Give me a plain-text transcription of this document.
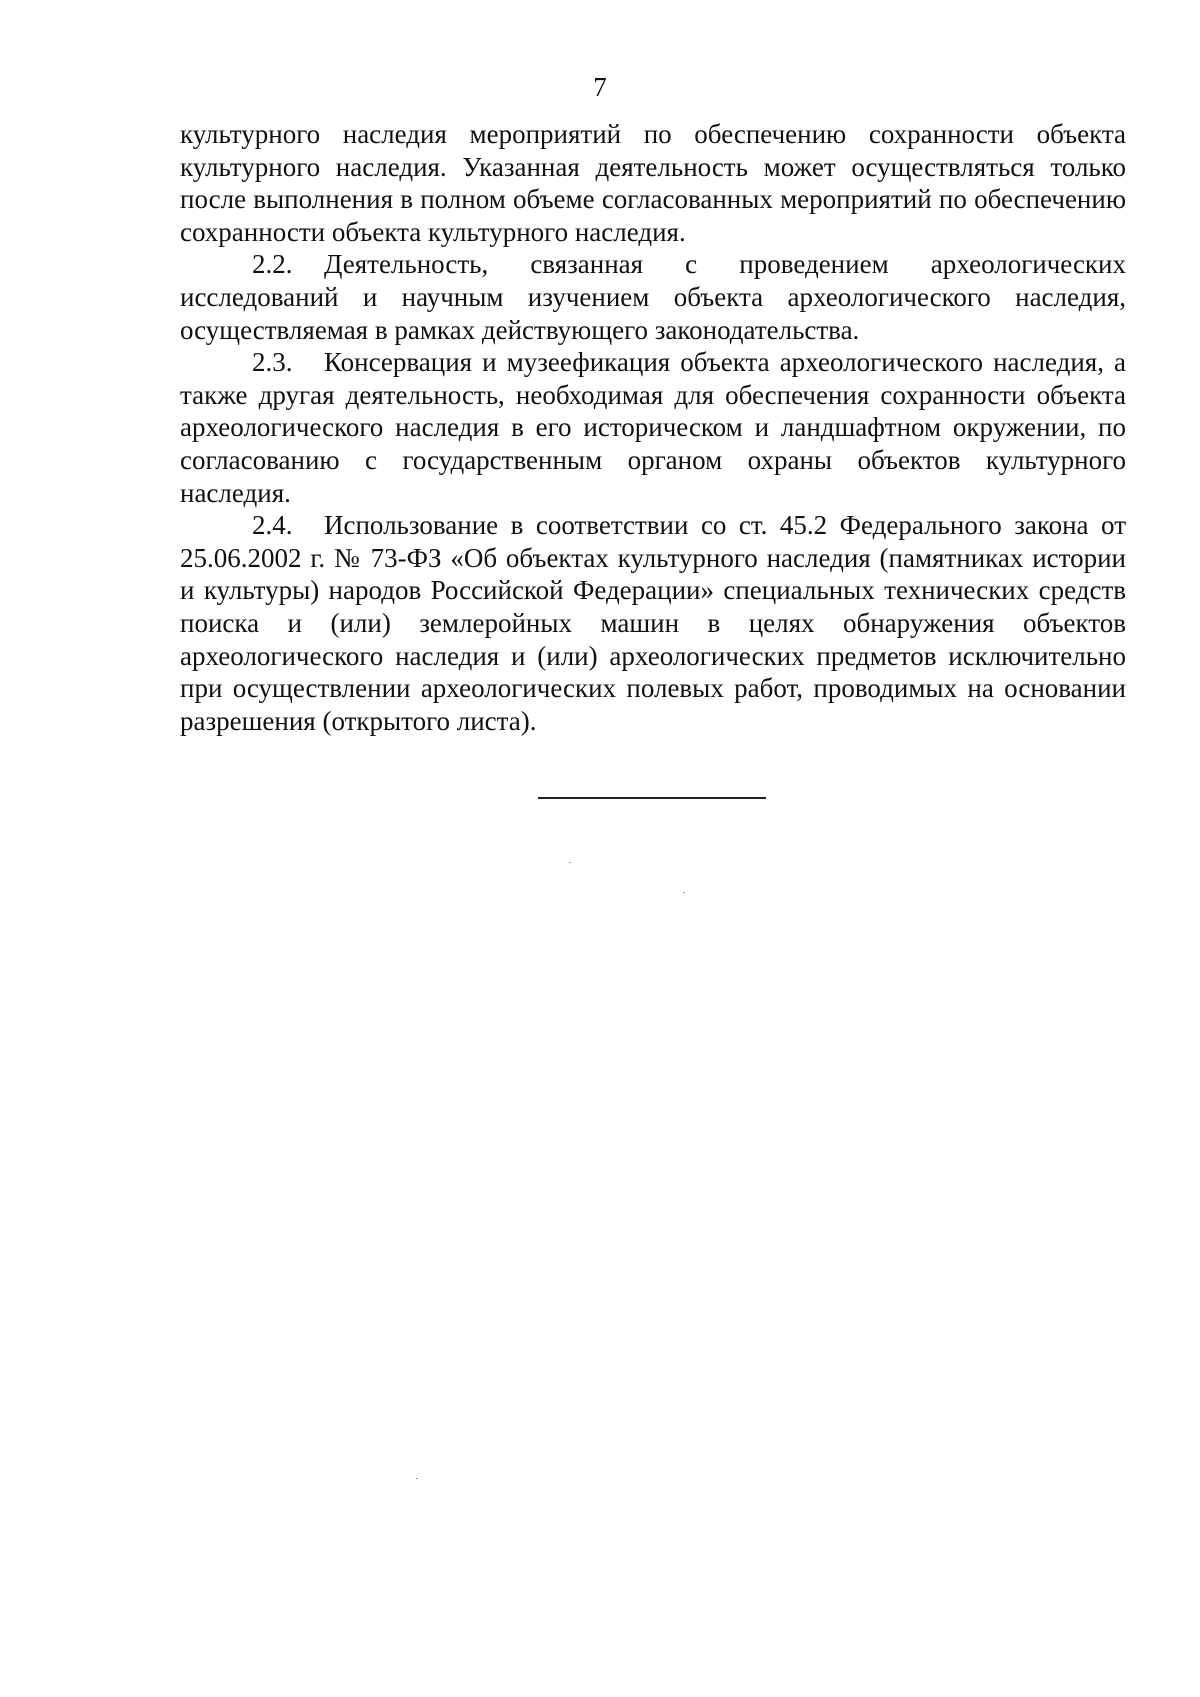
7

культурного наследия мероприятий по обеспечению сохранности объекта культурного наследия. Указанная деятельность может осуществляться только после выполнения в полном объеме согласованных мероприятий по обеспечению сохранности объекта культурного наследия.

2.2. Деятельность, связанная с проведением археологических исследований и научным изучением объекта археологического наследия, осуществляемая в рамках действующего законодательства.

2.3. Консервация и музеефикация объекта археологического наследия, а также другая деятельность, необходимая для обеспечения сохранности объекта археологического наследия в его историческом и ландшафтном окружении, по согласованию с государственным органом охраны объектов культурного наследия.

2.4. Использование в соответствии со ст. 45.2 Федерального закона от 25.06.2002 г. № 73-ФЗ «Об объектах культурного наследия (памятниках истории и культуры) народов Российской Федерации» специальных технических средств поиска и (или) землеройных машин в целях обнаружения объектов археологического наследия и (или) археологических предметов исключительно при осуществлении археологических полевых работ, проводимых на основании разрешения (открытого листа).
